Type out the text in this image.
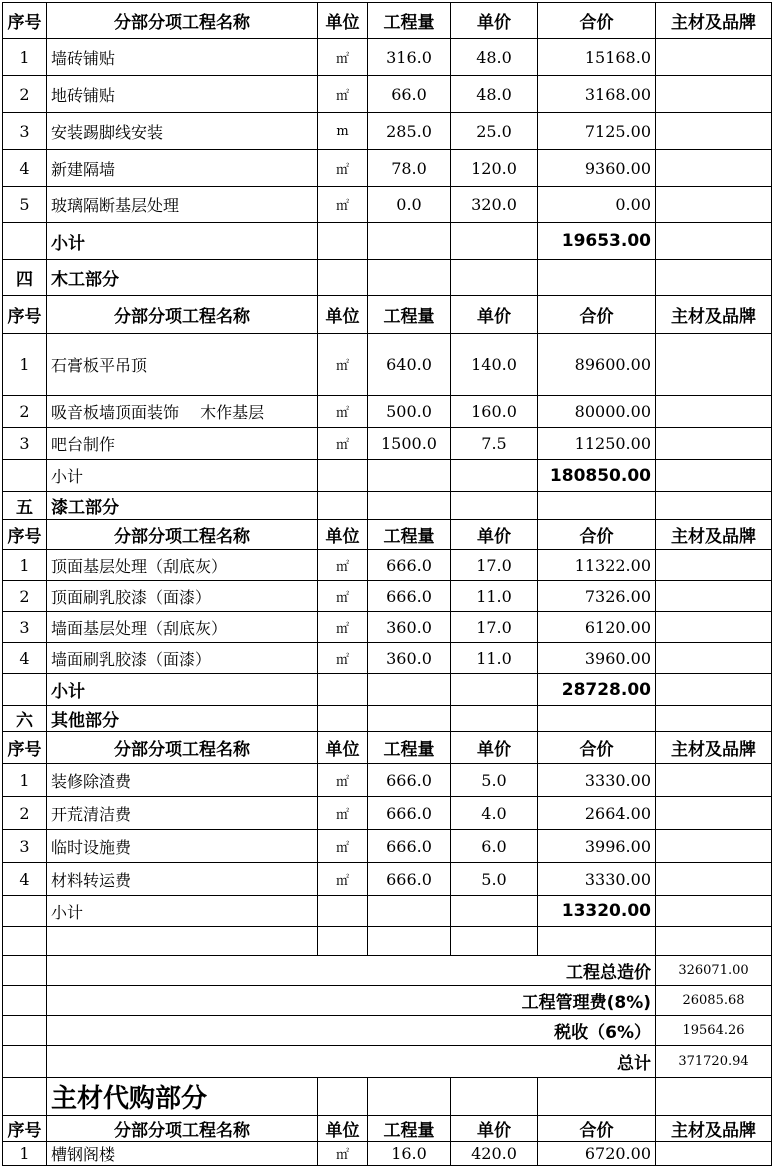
序号	分部分项工程名称	单位	工程量	单价	合价	主材及品牌
1	墙砖铺贴	㎡	316.0	48.0	15168.0	
2	地砖铺贴	㎡	66.0	48.0	3168.00	
3	安装踢脚线安装	m	285.0	25.0	7125.00	
4	新建隔墙	㎡	78.0	120.0	9360.00	
5	玻璃隔断基层处理	㎡	0.0	320.0	0.00	
	小计				19653.00	
四	木工部分					
序号	分部分项工程名称	单位	工程量	单价	合价	主材及品牌
1	石膏板平吊顶	㎡	640.0	140.0	89600.00	
2	吸音板墙顶面装饰　 木作基层	㎡	500.0	160.0	80000.00	
3	吧台制作	㎡	1500.0	7.5	11250.00	
	小计				180850.00	
五	漆工部分					
序号	分部分项工程名称	单位	工程量	单价	合价	主材及品牌
1	顶面基层处理（刮底灰）	㎡	666.0	17.0	11322.00	
2	顶面刷乳胶漆（面漆）	㎡	666.0	11.0	7326.00	
3	墙面基层处理（刮底灰）	㎡	360.0	17.0	6120.00	
4	墙面刷乳胶漆（面漆）	㎡	360.0	11.0	3960.00	
	小计				28728.00	
六	其他部分					
序号	分部分项工程名称	单位	工程量	单价	合价	主材及品牌
1	装修除渣费	㎡	666.0	5.0	3330.00	
2	开荒清洁费	㎡	666.0	4.0	2664.00	
3	临时设施费	㎡	666.0	6.0	3996.00	
4	材料转运费	㎡	666.0	5.0	3330.00	
	小计				13320.00	

	工程总造价					326071.00
	工程管理费(8%)					26085.68
	税收（6%）					19564.26
	总计					371720.94
	主材代购部分					
序号	分部分项工程名称	单位	工程量	单价	合价	主材及品牌
1	槽钢阁楼	㎡	16.0	420.0	6720.00	
